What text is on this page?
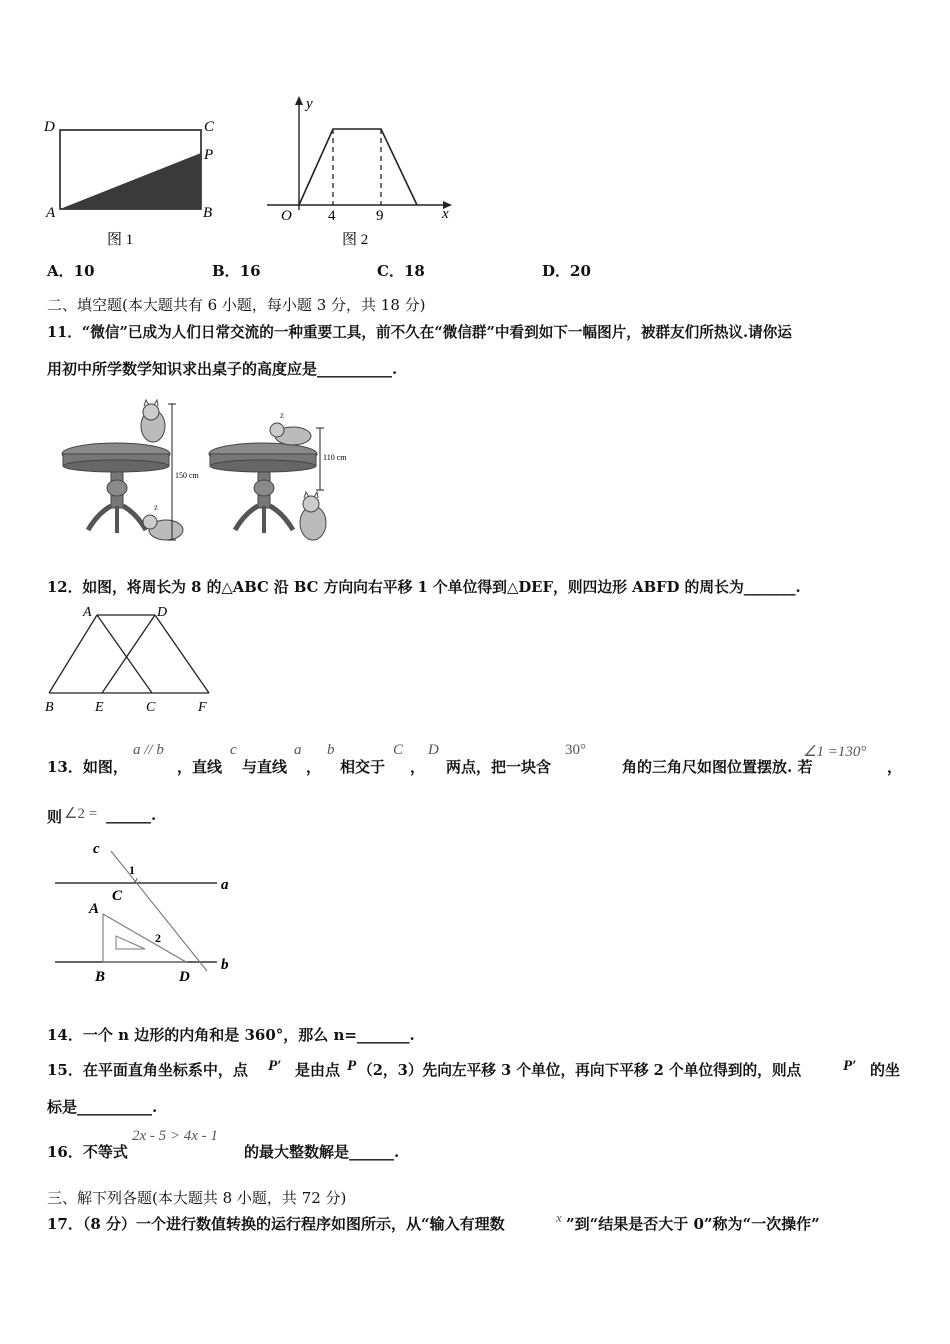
D	C
P
A	B
图 1
y
x
O 4	9
图 2
A．10	B．16	C．18	D．20
二、填空题(本大题共有 6 小题，每小题 3 分，共 18 分)
11．“微信”已成为人们日常交流的一种重要工具，前不久在“微信群”中看到如下一幅图片，被群友们所热议.请你运
用初中所学数学知识求出桌子的高度应是__________.
z
150 cm
z
110 cm
12．如图，将周长为 8 的△ABC 沿 BC 方向向右平移 1 个单位得到△DEF，则四边形 ABFD 的周长为_______.
A	D
B	E	C	F
13．如图，
a // b
，直线
c
与直线
a
，
b
相交于
C
，
D
两点，把一块含
30°
角的三角尺如图位置摆放. 若
∠1 =130°
，
则 ∠2 = ______.
c
1
C
a
A
2
B	D
b
14．一个 n 边形的内角和是 360°，那么 n=_______.
15．在平面直角坐标系中，点 P′ 是由点 P （2，3）先向左平移 3 个单位，再向下平移 2 个单位得到的，则点	P′ 的坐
标是__________.
16．不等式
2x - 5 > 4x - 1
的最大整数解是______.
三、解下列各题(本大题共 8 小题，共 72 分)
17．（8 分）一个进行数值转换的运行程序如图所示，从“输入有理数	x ”到“结果是否大于 0”称为“一次操作”
